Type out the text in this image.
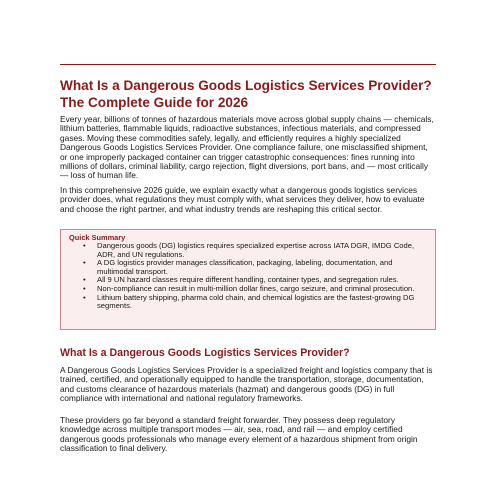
What Is a Dangerous Goods Logistics Services Provider? The Complete Guide for 2026

Every year, billions of tonnes of hazardous materials move across global supply chains — chemicals, lithium batteries, flammable liquids, radioactive substances, infectious materials, and compressed gases. Moving these commodities safely, legally, and efficiently requires a highly specialized Dangerous Goods Logistics Services Provider. One compliance failure, one misclassified shipment, or one improperly packaged container can trigger catastrophic consequences: fines running into millions of dollars, criminal liability, cargo rejection, flight diversions, port bans, and — most critically — loss of human life.

In this comprehensive 2026 guide, we explain exactly what a dangerous goods logistics services provider does, what regulations they must comply with, what services they deliver, how to evaluate and choose the right partner, and what industry trends are reshaping this critical sector.

Quick Summary
• Dangerous goods (DG) logistics requires specialized expertise across IATA DGR, IMDG Code, ADR, and UN regulations.
• A DG logistics provider manages classification, packaging, labeling, documentation, and multimodal transport.
• All 9 UN hazard classes require different handling, container types, and segregation rules.
• Non-compliance can result in multi-million dollar fines, cargo seizure, and criminal prosecution.
• Lithium battery shipping, pharma cold chain, and chemical logistics are the fastest-growing DG segments.
What Is a Dangerous Goods Logistics Services Provider?

A Dangerous Goods Logistics Services Provider is a specialized freight and logistics company that is trained, certified, and operationally equipped to handle the transportation, storage, documentation, and customs clearance of hazardous materials (hazmat) and dangerous goods (DG) in full compliance with international and national regulatory frameworks.

These providers go far beyond a standard freight forwarder. They possess deep regulatory knowledge across multiple transport modes — air, sea, road, and rail — and employ certified dangerous goods professionals who manage every element of a hazardous shipment from origin classification to final delivery.
